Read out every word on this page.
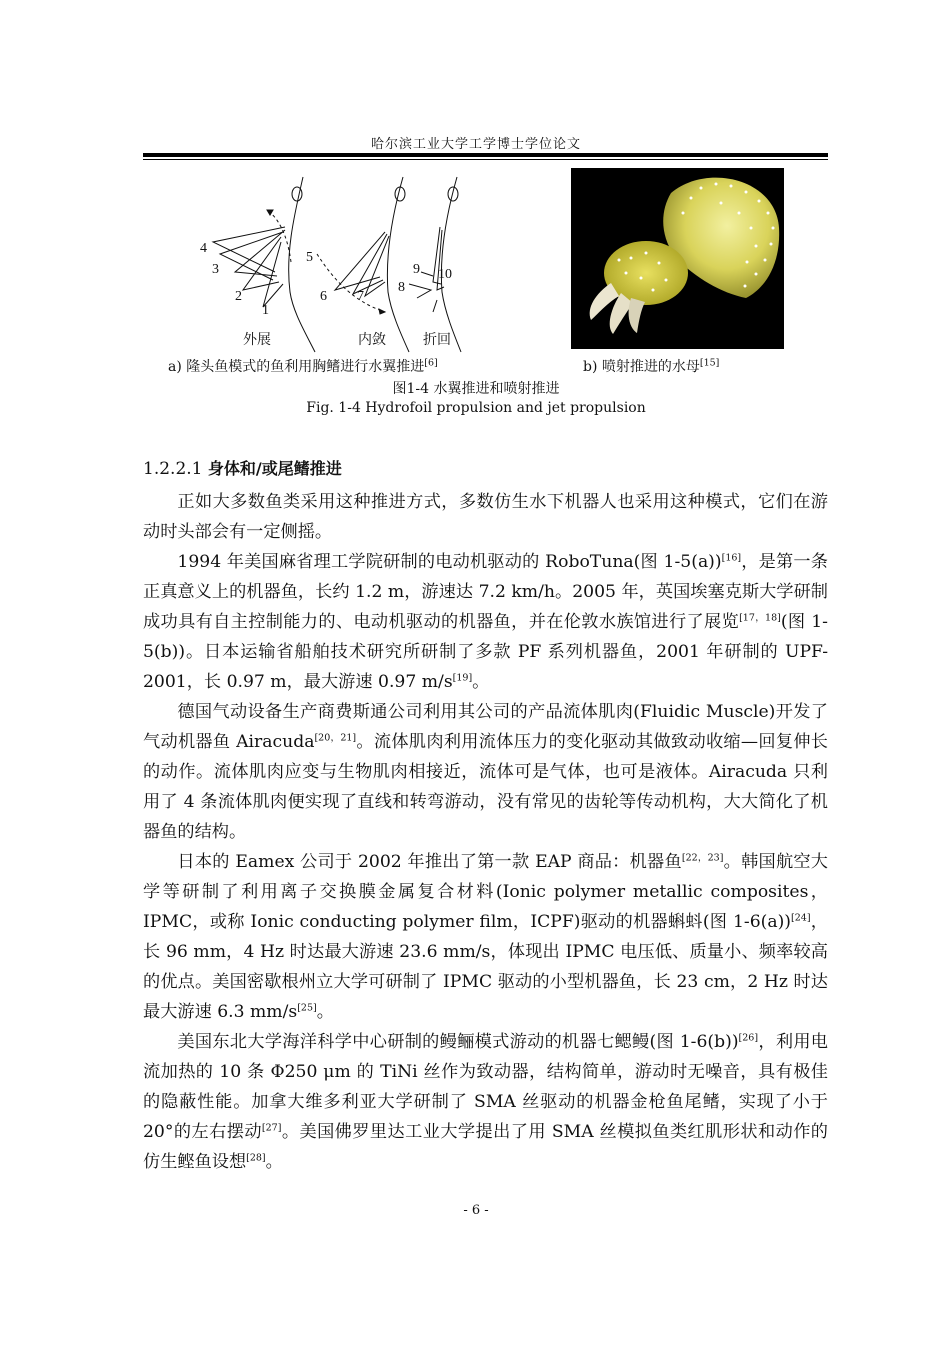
哈尔滨工业大学工学博士学位论文
1
2
3
4
5
6 7
8
9 10
外展	内敛	折回
a) 隆头鱼模式的鱼利用胸鳍进行水翼推进[6]	b) 喷射推进的水母[15]
图1-4 水翼推进和喷射推进
Fig. 1-4 Hydrofoil propulsion and jet propulsion
1.2.2.1 身体和/或尾鳍推进

正如大多数鱼类采用这种推进方式，多数仿生水下机器人也采用这种模式，它们在游动时头部会有一定侧摇。

1994 年美国麻省理工学院研制的电动机驱动的 RoboTuna(图 1-5(a))[16]，是第一条正真意义上的机器鱼，长约 1.2 m，游速达 7.2 km/h。2005 年，英国埃塞克斯大学研制成功具有自主控制能力的、电动机驱动的机器鱼，并在伦敦水族馆进行了展览[17，18](图 1-5(b))。日本运输省船舶技术研究所研制了多款 PF 系列机器鱼，2001 年研制的 UPF-2001，长 0.97 m，最大游速 0.97 m/s[19]。

德国气动设备生产商费斯通公司利用其公司的产品流体肌肉(Fluidic Muscle)开发了气动机器鱼 Airacuda[20，21]。流体肌肉利用流体压力的变化驱动其做致动收缩—回复伸长的动作。流体肌肉应变与生物肌肉相接近，流体可是气体，也可是液体。Airacuda 只利用了 4 条流体肌肉便实现了直线和转弯游动，没有常见的齿轮等传动机构，大大简化了机器鱼的结构。

日本的 Eamex 公司于 2002 年推出了第一款 EAP 商品：机器鱼[22，23]。韩国航空大学等研制了利用离子交换膜金属复合材料(Ionic polymer metallic composites，IPMC，或称 Ionic conducting polymer film，ICPF)驱动的机器蝌蚪(图 1-6(a))[24]，长 96 mm，4 Hz 时达最大游速 23.6 mm/s，体现出 IPMC 电压低、质量小、频率较高的优点。美国密歇根州立大学可研制了 IPMC 驱动的小型机器鱼，长 23 cm，2 Hz 时达最大游速 6.3 mm/s[25]。

美国东北大学海洋科学中心研制的鳗鲡模式游动的机器七鳃鳗(图 1-6(b))[26]，利用电流加热的 10 条 Φ250 μm 的 TiNi 丝作为致动器，结构简单，游动时无噪音，具有极佳的隐蔽性能。加拿大维多利亚大学研制了 SMA 丝驱动的机器金枪鱼尾鳍，实现了小于 20°的左右摆动[27]。美国佛罗里达工业大学提出了用 SMA 丝模拟鱼类红肌形状和动作的仿生鲣鱼设想[28]。

- 6 -
